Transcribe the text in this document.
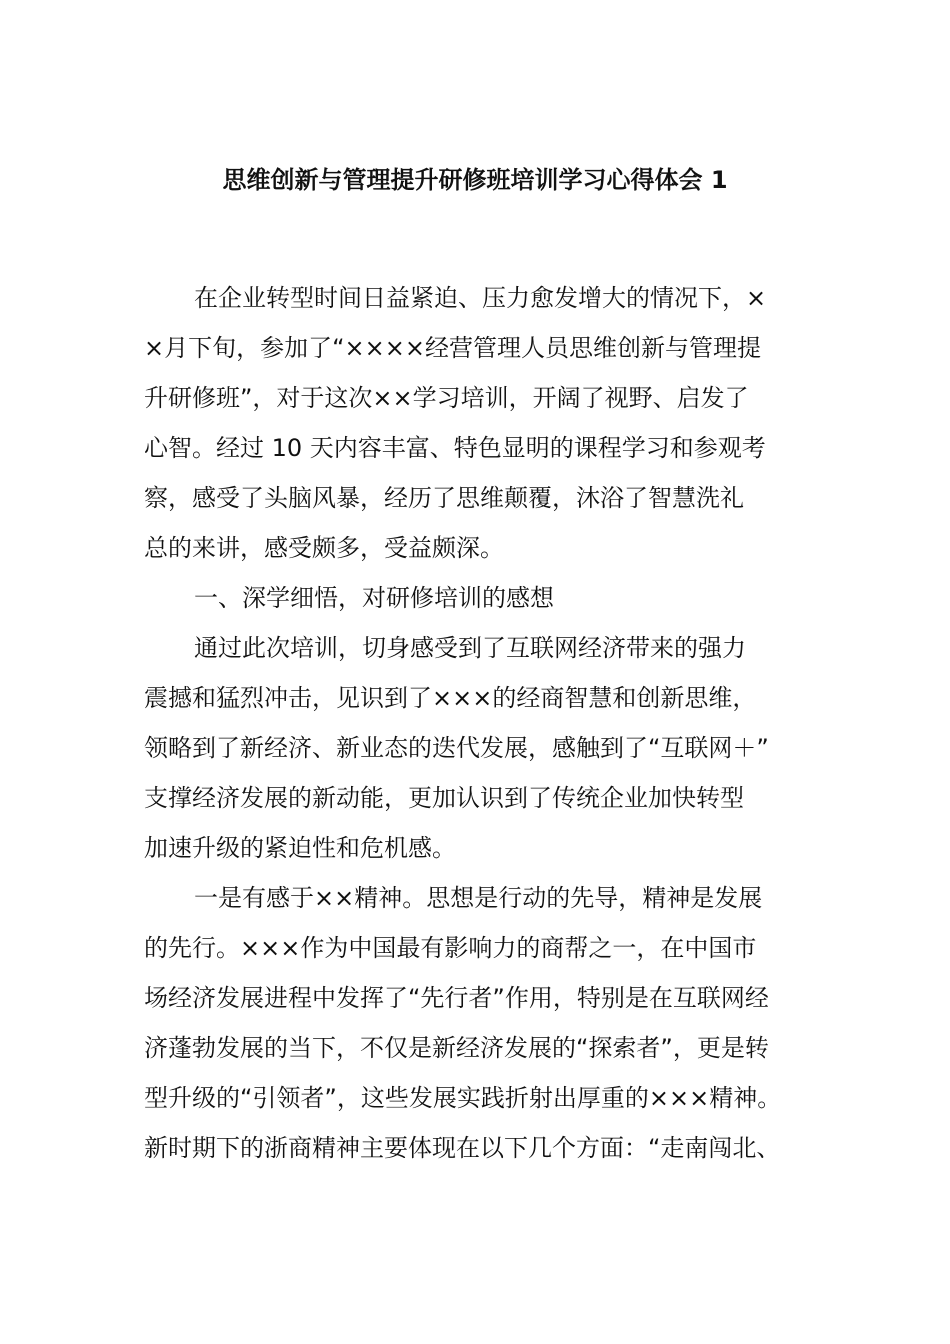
思维创新与管理提升研修班培训学习心得体会 1

在企业转型时间日益紧迫、压力愈发增大的情况下，×

×月下旬，参加了“××××经营管理人员思维创新与管理提

升研修班”，对于这次××学习培训，开阔了视野、启发了

心智。经过 10 天内容丰富、特色显明的课程学习和参观考

察，感受了头脑风暴，经历了思维颠覆，沐浴了智慧洗礼

总的来讲，感受颇多，受益颇深。

一、深学细悟，对研修培训的感想

通过此次培训，切身感受到了互联网经济带来的强力

震撼和猛烈冲击，见识到了×××的经商智慧和创新思维，

领略到了新经济、新业态的迭代发展，感触到了“互联网＋”

支撑经济发展的新动能，更加认识到了传统企业加快转型

加速升级的紧迫性和危机感。

一是有感于××精神。思想是行动的先导，精神是发展

的先行。×××作为中国最有影响力的商帮之一，在中国市

场经济发展进程中发挥了“先行者”作用，特别是在互联网经

济蓬勃发展的当下，不仅是新经济发展的“探索者”，更是转

型升级的“引领者”，这些发展实践折射出厚重的×××精神。

新时期下的浙商精神主要体现在以下几个方面：“走南闯北、
